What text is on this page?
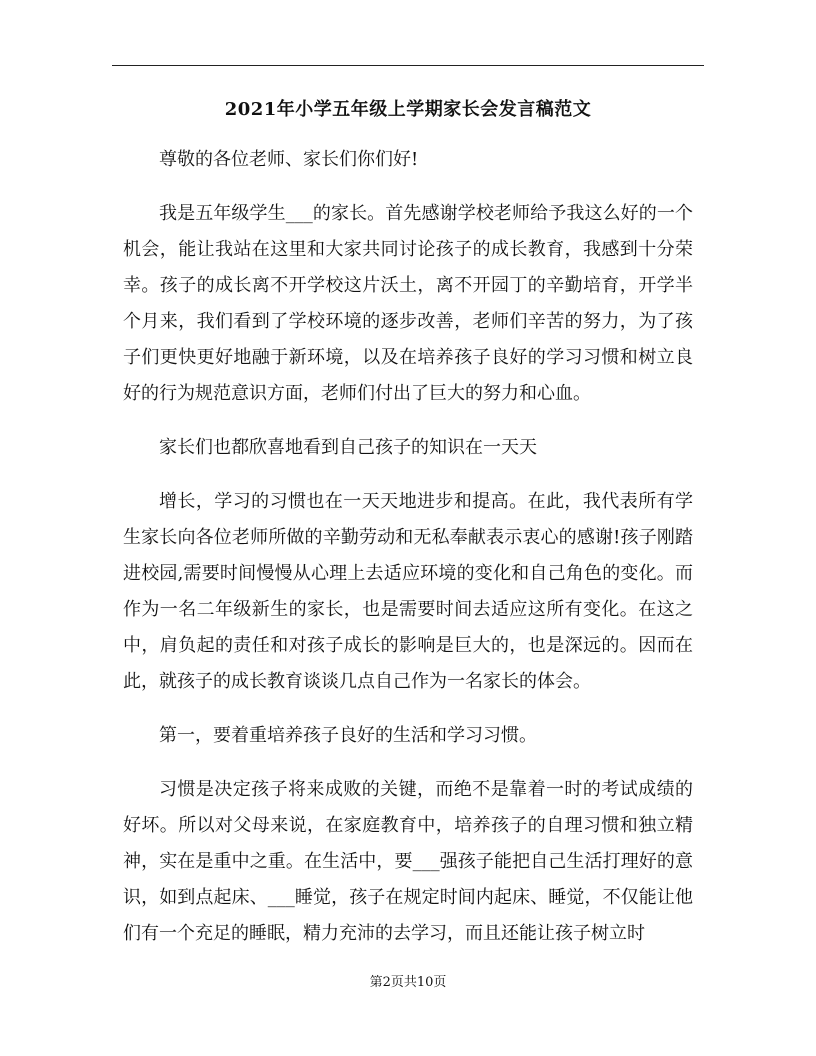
2021年小学五年级上学期家长会发言稿范文

尊敬的各位老师、家长们你们好!

我是五年级学生___的家长。首先感谢学校老师给予我这么好的一个机会，能让我站在这里和大家共同讨论孩子的成长教育，我感到十分荣幸。孩子的成长离不开学校这片沃土，离不开园丁的辛勤培育，开学半个月来，我们看到了学校环境的逐步改善，老师们辛苦的努力，为了孩子们更快更好地融于新环境，以及在培养孩子良好的学习习惯和树立良好的行为规范意识方面，老师们付出了巨大的努力和心血。

家长们也都欣喜地看到自己孩子的知识在一天天

增长，学习的习惯也在一天天地进步和提高。在此，我代表所有学生家长向各位老师所做的辛勤劳动和无私奉献表示衷心的感谢!孩子刚踏进校园,需要时间慢慢从心理上去适应环境的变化和自己角色的变化。而作为一名二年级新生的家长，也是需要时间去适应这所有变化。在这之中，肩负起的责任和对孩子成长的影响是巨大的，也是深远的。因而在此，就孩子的成长教育谈谈几点自己作为一名家长的体会。

第一，要着重培养孩子良好的生活和学习习惯。

习惯是决定孩子将来成败的关键，而绝不是靠着一时的考试成绩的好坏。所以对父母来说，在家庭教育中，培养孩子的自理习惯和独立精神，实在是重中之重。在生活中，要___强孩子能把自己生活打理好的意识，如到点起床、___睡觉，孩子在规定时间内起床、睡觉，不仅能让他们有一个充足的睡眠，精力充沛的去学习，而且还能让孩子树立时

第2页共10页
